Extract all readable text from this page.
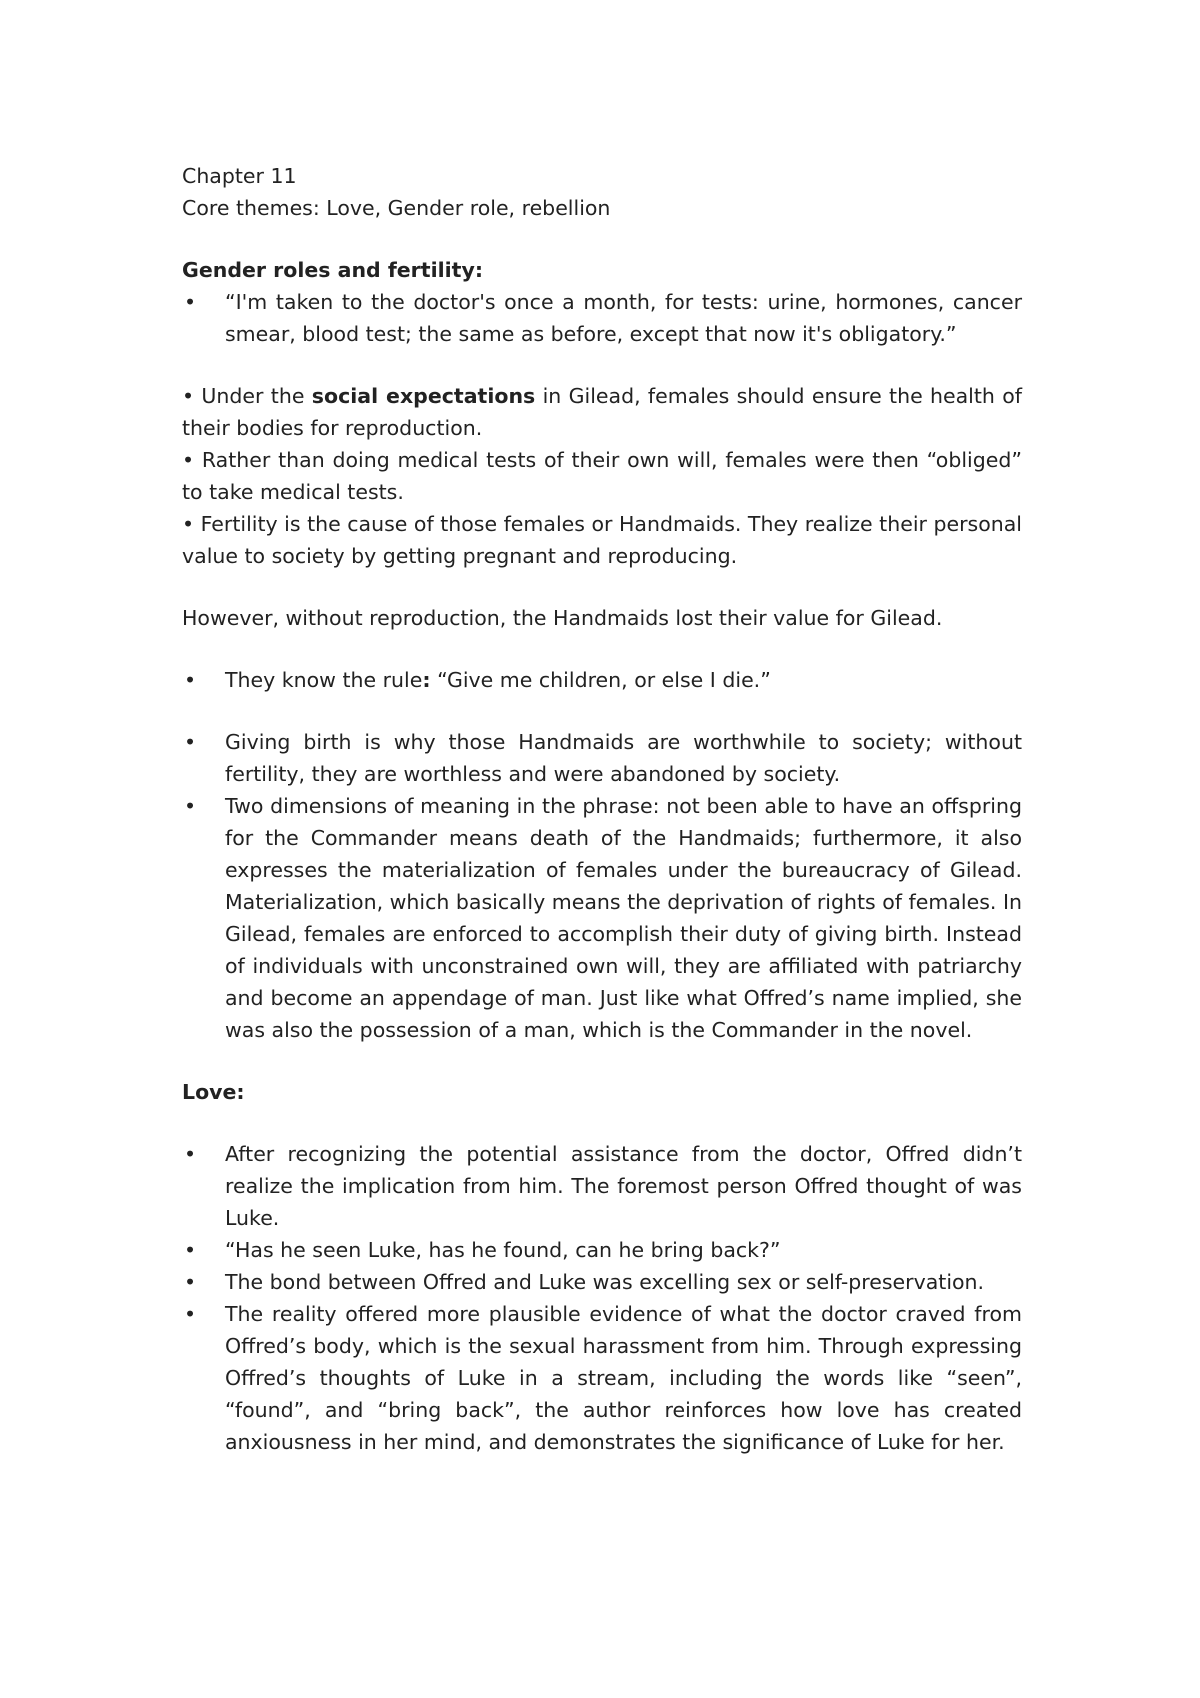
Chapter 11

Core themes: Love, Gender role, rebellion

Gender roles and fertility:

• “I'm taken to the doctor's once a month, for tests: urine, hormones, cancer smear, blood test; the same as before, except that now it's obligatory.”

• Under the social expectations in Gilead, females should ensure the health of their bodies for reproduction.

• Rather than doing medical tests of their own will, females were then “obliged” to take medical tests.

• Fertility is the cause of those females or Handmaids. They realize their personal value to society by getting pregnant and reproducing.

However, without reproduction, the Handmaids lost their value for Gilead.

• They know the rule: “Give me children, or else I die.”
• Giving birth is why those Handmaids are worthwhile to society; without fertility, they are worthless and were abandoned by society.
• Two dimensions of meaning in the phrase: not been able to have an offspring for the Commander means death of the Handmaids; furthermore, it also expresses the materialization of females under the bureaucracy of Gilead. Materialization, which basically means the deprivation of rights of females. In Gilead, females are enforced to accomplish their duty of giving birth. Instead of individuals with unconstrained own will, they are affiliated with patriarchy and become an appendage of man. Just like what Offred’s name implied, she was also the possession of a man, which is the Commander in the novel.

Love:

• After recognizing the potential assistance from the doctor, Offred didn’t realize the implication from him. The foremost person Offred thought of was Luke.
• “Has he seen Luke, has he found, can he bring back?”
• The bond between Offred and Luke was excelling sex or self-preservation.
• The reality offered more plausible evidence of what the doctor craved from Offred’s body, which is the sexual harassment from him. Through expressing Offred’s thoughts of Luke in a stream, including the words like “seen”, “found”, and “bring back”, the author reinforces how love has created anxiousness in her mind, and demonstrates the significance of Luke for her.
